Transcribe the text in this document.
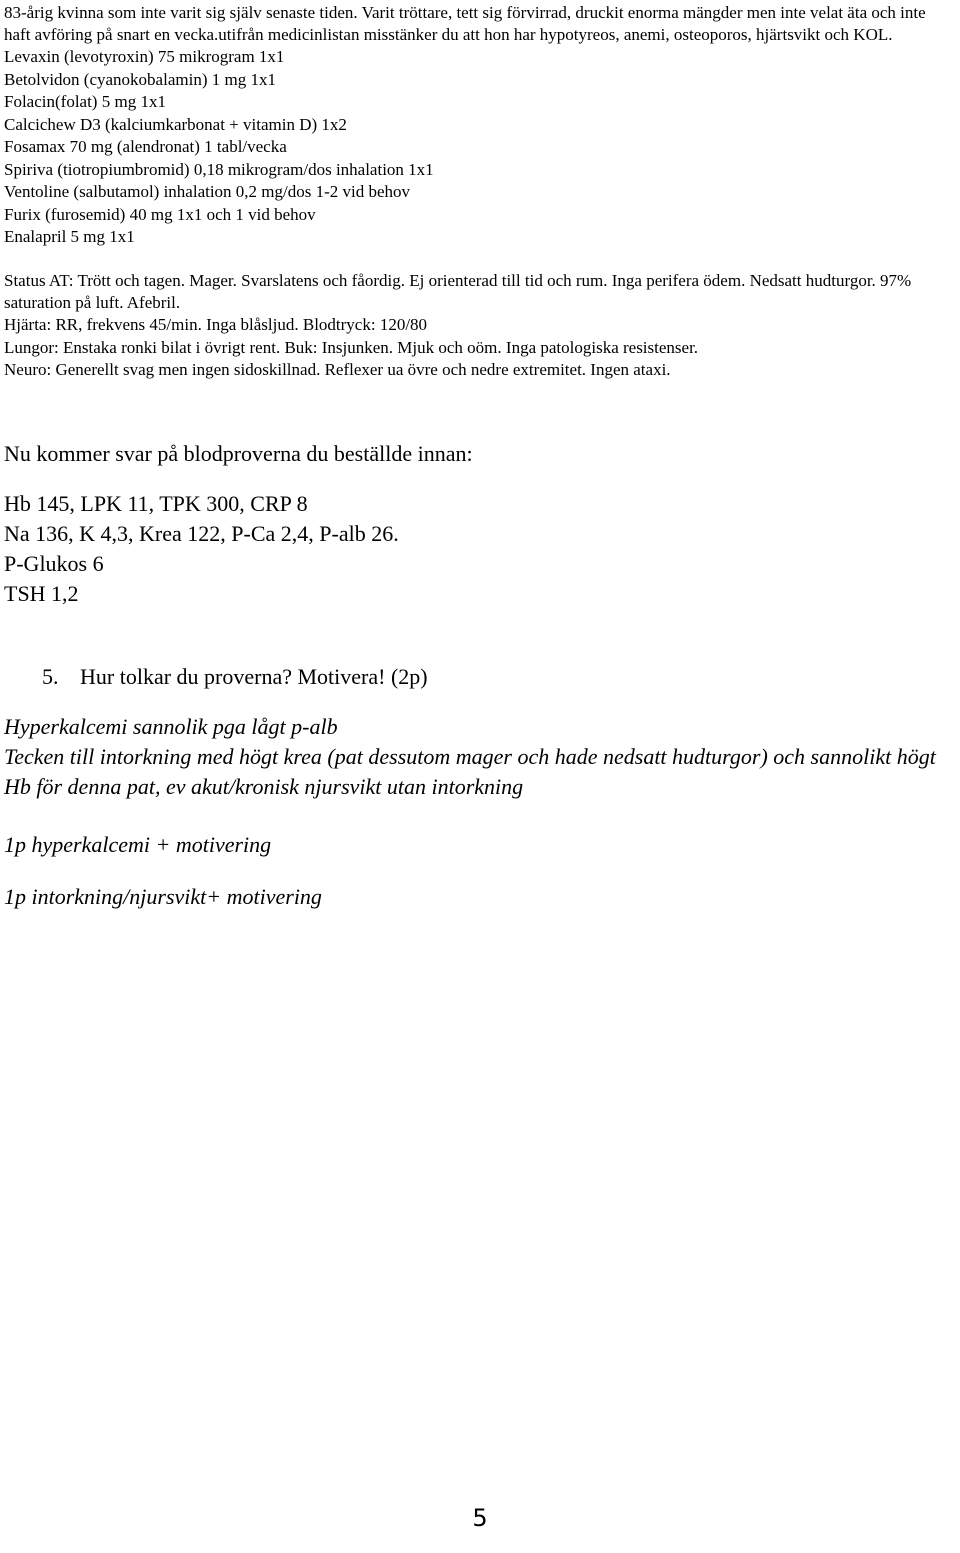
83-årig kvinna som inte varit sig själv senaste tiden. Varit tröttare, tett sig förvirrad, druckit enorma mängder men inte velat äta och inte haft avföring på snart en vecka.utifrån medicinlistan misstänker du att hon har hypotyreos, anemi, osteoporos, hjärtsvikt och KOL.

Levaxin (levotyroxin) 75 mikrogram 1x1
Betolvidon (cyanokobalamin) 1 mg 1x1
Folacin(folat) 5 mg 1x1
Calcichew D3 (kalciumkarbonat + vitamin D) 1x2
Fosamax 70 mg (alendronat) 1 tabl/vecka
Spiriva (tiotropiumbromid) 0,18 mikrogram/dos inhalation 1x1
Ventoline (salbutamol) inhalation 0,2 mg/dos 1-2 vid behov
Furix (furosemid) 40 mg 1x1 och 1 vid behov
Enalapril 5 mg 1x1

Status AT: Trött och tagen. Mager. Svarslatens och fåordig. Ej orienterad till tid och rum. Inga perifera ödem. Nedsatt hudturgor. 97% saturation på luft. Afebril.

Hjärta: RR, frekvens 45/min. Inga blåsljud. Blodtryck: 120/80

Lungor: Enstaka ronki bilat i övrigt rent. Buk: Insjunken. Mjuk och oöm. Inga patologiska resistenser.

Neuro: Generellt svag men ingen sidoskillnad. Reflexer ua övre och nedre extremitet. Ingen ataxi.

Nu kommer svar på blodproverna du beställde innan:

Hb 145, LPK 11, TPK 300, CRP 8

Na 136, K 4,3, Krea 122, P-Ca 2,4, P-alb 26.

P-Glukos 6

TSH 1,2

5. Hur tolkar du proverna? Motivera! (2p)

Hyperkalcemi sannolik pga lågt p-alb

Tecken till intorkning med högt krea (pat dessutom mager och hade nedsatt hudturgor) och sannolikt högt Hb för denna pat, ev akut/kronisk njursvikt utan intorkning

1p hyperkalcemi + motivering

1p intorkning/njursvikt+ motivering

5
